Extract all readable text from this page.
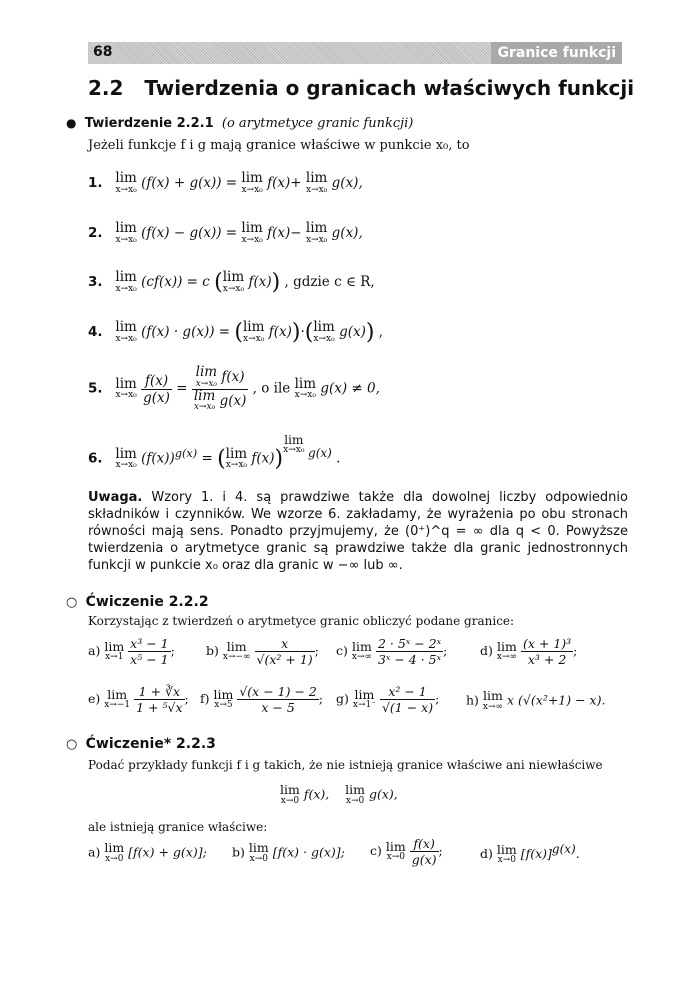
68	Granice funkcji
2.2 Twierdzenia o granicach właściwych funkcji
● Twierdzenie 2.2.1 (o arytmetyce granic funkcji)
Jeżeli funkcje f i g mają granice właściwe w punkcie x₀, to
1. lim
x→x₀ (f(x) + g(x)) = lim
x→x₀ f(x)+ lim
x→x₀ g(x),
2. lim
x→x₀ (f(x) − g(x)) = lim
x→x₀ f(x)− lim
x→x₀ g(x),
3. lim
x→x₀ (cf(x)) = c ( lim
x→x₀ f(x)) , gdzie c ∈ R,
4. lim
x→x₀ (f(x) · g(x)) = ( lim
x→x₀ f(x))·( lim
x→x₀ g(x)) ,
5. lim
x→x₀
$\frac{f(x)}{g(x)} = \lim$
x→x₀ f(x)
lim
x→x₀ g(x) , o ile lim
x→x₀ g(x) ≠ 0,
6. lim
x→x₀ $(f(x))^{g(x)}$ = ( lim
x→x₀ f(x))
$^{lim x\to x_0 g(x)}$ .
Uwaga. Wzory 1. i 4. są prawdziwe także dla dowolnej liczby odpowiednio składników i czynników. We wzorze 6. zakładamy, że wyrażenia po obu stronach równości mają sens. Ponadto przyjmujemy, że (0⁺)^q = ∞ dla q < 0. Powyższe twierdzenia o arytmetyce granic są prawdziwe także dla granic jednostronnych funkcji w punkcie x₀ oraz dla granic w −∞ lub ∞.
○ Ćwiczenie 2.2.2
Korzystając z twierdzeń o arytmetyce granic obliczyć podane granice:
a) lim
x→1
$\frac{\text{x³ − 1}}{\text{x⁵ − 1}}$ ; b) lim
x→−∞
$\frac{x}{\text{√(x² + 1)}}$ ; c) lim
x→∞
$\frac{\text{2 · 5ˣ − 2ˣ}}{\text{3ˣ − 4 · 5ˣ}}$ ;	d) lim
x→∞
$\frac{\text{(x + 1)³}}{\text{x³ + 2}}$ ;
e) lim
x→−1
$\frac{1 + ∛x}{\text{1 + ⁵√x}}$ ; f) lim
x→5
$\frac{√(x - 1) - 2}{x - 5}$ ; g) lim
x→1⁻
$\frac{\text{x² − 1}}{√(1 - x)}$ ; h) lim
x→∞ x (√(x²+1) − x).
○ Ćwiczenie* 2.2.3
Podać przykłady funkcji f i g takich, że nie istnieją granice właściwe ani niewłaściwe
lim
x→0 f(x), lim
x→0 g(x),
ale istnieją granice właściwe:
a) lim
x→0 [f(x) + g(x)]; b) lim
x→0 [f(x) · g(x)]; c) lim
x→0
$\frac{f(x)}{g(x)}$ ;	d) lim
x→0 $[f(x)]^{g(x)}$.
